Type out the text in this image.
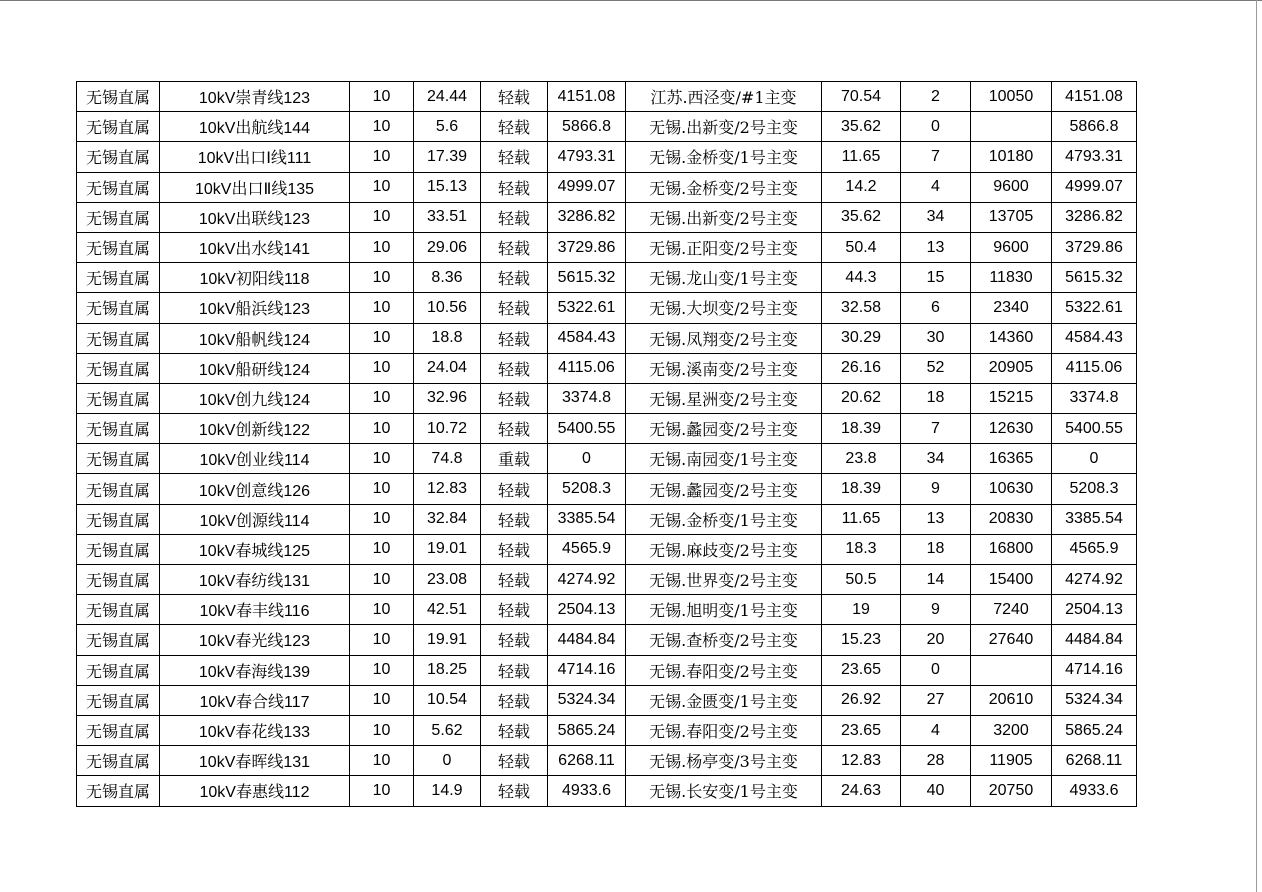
无锡直属	10kV崇青线123	10	24.44	轻载	4151.08	江苏.西泾变/#1主变	70.54	2	10050	4151.08
无锡直属	10kV出航线144	10	5.6	轻载	5866.8	无锡.出新变/2号主变	35.62	0		5866.8
无锡直属	10kV出口Ⅰ线111	10	17.39	轻载	4793.31	无锡.金桥变/1号主变	11.65	7	10180	4793.31
无锡直属	10kV出口Ⅱ线135	10	15.13	轻载	4999.07	无锡.金桥变/2号主变	14.2	4	9600	4999.07
无锡直属	10kV出联线123	10	33.51	轻载	3286.82	无锡.出新变/2号主变	35.62	34	13705	3286.82
无锡直属	10kV出水线141	10	29.06	轻载	3729.86	无锡.正阳变/2号主变	50.4	13	9600	3729.86
无锡直属	10kV初阳线118	10	8.36	轻载	5615.32	无锡.龙山变/1号主变	44.3	15	11830	5615.32
无锡直属	10kV船浜线123	10	10.56	轻载	5322.61	无锡.大坝变/2号主变	32.58	6	2340	5322.61
无锡直属	10kV船帆线124	10	18.8	轻载	4584.43	无锡.凤翔变/2号主变	30.29	30	14360	4584.43
无锡直属	10kV船研线124	10	24.04	轻载	4115.06	无锡.溪南变/2号主变	26.16	52	20905	4115.06
无锡直属	10kV创九线124	10	32.96	轻载	3374.8	无锡.星洲变/2号主变	20.62	18	15215	3374.8
无锡直属	10kV创新线122	10	10.72	轻载	5400.55	无锡.蠡园变/2号主变	18.39	7	12630	5400.55
无锡直属	10kV创业线114	10	74.8	重载	0	无锡.南园变/1号主变	23.8	34	16365	0
无锡直属	10kV创意线126	10	12.83	轻载	5208.3	无锡.蠡园变/2号主变	18.39	9	10630	5208.3
无锡直属	10kV创源线114	10	32.84	轻载	3385.54	无锡.金桥变/1号主变	11.65	13	20830	3385.54
无锡直属	10kV春城线125	10	19.01	轻载	4565.9	无锡.麻歧变/2号主变	18.3	18	16800	4565.9
无锡直属	10kV春纺线131	10	23.08	轻载	4274.92	无锡.世界变/2号主变	50.5	14	15400	4274.92
无锡直属	10kV春丰线116	10	42.51	轻载	2504.13	无锡.旭明变/1号主变	19	9	7240	2504.13
无锡直属	10kV春光线123	10	19.91	轻载	4484.84	无锡.查桥变/2号主变	15.23	20	27640	4484.84
无锡直属	10kV春海线139	10	18.25	轻载	4714.16	无锡.春阳变/2号主变	23.65	0		4714.16
无锡直属	10kV春合线117	10	10.54	轻载	5324.34	无锡.金匮变/1号主变	26.92	27	20610	5324.34
无锡直属	10kV春花线133	10	5.62	轻载	5865.24	无锡.春阳变/2号主变	23.65	4	3200	5865.24
无锡直属	10kV春晖线131	10	0	轻载	6268.11	无锡.杨亭变/3号主变	12.83	28	11905	6268.11
无锡直属	10kV春惠线112	10	14.9	轻载	4933.6	无锡.长安变/1号主变	24.63	40	20750	4933.6
